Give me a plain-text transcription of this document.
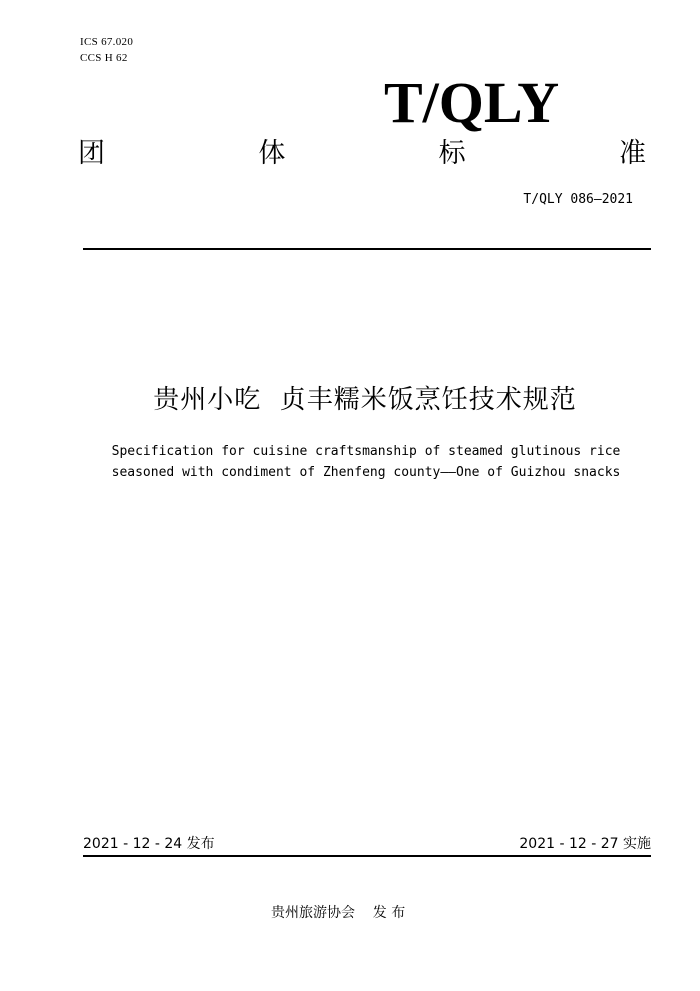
ICS 67.020
CCS H 62
T/QLY
团	体	标	准
T/QLY 086—2021
贵州小吃  贞丰糯米饭烹饪技术规范
Specification for cuisine craftsmanship of steamed glutinous rice
seasoned with condiment of Zhenfeng county——One of Guizhou snacks
2021 - 12 - 24 发布	2021 - 12 - 27 实施
贵州旅游协会    发 布
